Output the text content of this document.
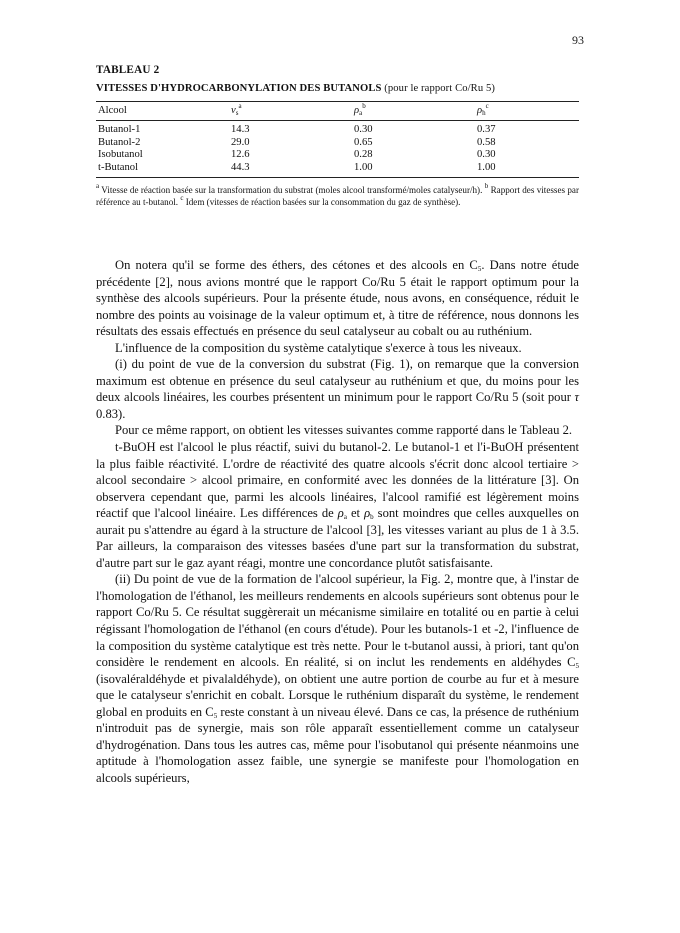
93
TABLEAU 2
VITESSES D'HYDROCARBONYLATION DES BUTANOLS (pour le rapport Co/Ru 5)
Alcool	$v_s^a$	$\rho_a^b$	$\rho_h^c$
Butanol-1	14.3	0.30	0.37
Butanol-2	29.0	0.65	0.58
Isobutanol	12.6	0.28	0.30
t-Butanol	44.3	1.00	1.00
$^a$ Vitesse de réaction basée sur la transformation du substrat (moles alcool transformé/moles catalyseur/h). $^b$ Rapport des vitesses par référence au t-butanol. $^c$ Idem (vitesses de réaction basées sur la consommation du gaz de synthèse).

On notera qu'il se forme des éthers, des cétones et des alcools en $C_5$. Dans notre étude précédente [2], nous avions montré que le rapport Co/Ru 5 était le rapport optimum pour la synthèse des alcools supérieurs. Pour la présente étude, nous avons, en conséquence, réduit le nombre des points au voisinage de la valeur optimum et, à titre de référence, nous donnons les résultats des essais effectués en présence du seul catalyseur au cobalt ou au ruthénium.

L'influence de la composition du système catalytique s'exerce à tous les niveaux.

(i) du point de vue de la conversion du substrat (Fig. 1), on remarque que la conversion maximum est obtenue en présence du seul catalyseur au ruthénium et que, du moins pour les deux alcools linéaires, les courbes présentent un minimum pour le rapport Co/Ru 5 (soit pour τ 0.83).

Pour ce même rapport, on obtient les vitesses suivantes comme rapporté dans le Tableau 2.

t-BuOH est l'alcool le plus réactif, suivi du butanol-2. Le butanol-1 et l'i-BuOH présentent la plus faible réactivité. L'ordre de réactivité des quatre alcools s'écrit donc alcool tertiaire > alcool secondaire > alcool primaire, en conformité avec les données de la littérature [3]. On observera cependant que, parmi les alcools linéaires, l'alcool ramifié est légèrement moins réactif que l'alcool linéaire. Les différences de $\rho_a$ et $\rho_b$ sont moindres que celles auxquelles on aurait pu s'attendre au égard à la structure de l'alcool [3], les vitesses variant au plus de 1 à 3.5. Par ailleurs, la comparaison des vitesses basées d'une part sur la transformation du substrat, d'autre part sur le gaz ayant réagi, montre une concordance plutôt satisfaisante.

(ii) Du point de vue de la formation de l'alcool supérieur, la Fig. 2, montre que, à l'instar de l'homologation de l'éthanol, les meilleurs rendements en alcools supérieurs sont obtenus pour le rapport Co/Ru 5. Ce résultat suggèrerait un mécanisme similaire en totalité ou en partie à celui régissant l'homologation de l'éthanol (en cours d'étude). Pour les butanols-1 et -2, l'influence de la composition du système catalytique est très nette. Pour le t-butanol aussi, à priori, tant qu'on considère le rendement en alcools. En réalité, si on inclut les rendements en aldéhydes $C_5$ (isovaléraldéhyde et pivalaldéhyde), on obtient une autre portion de courbe au fur et à mesure que le catalyseur s'enrichit en cobalt. Lorsque le ruthénium disparaît du système, le rendement global en produits en $C_5$ reste constant à un niveau élevé. Dans ce cas, la présence de ruthénium n'introduit pas de synergie, mais son rôle apparaît essentiellement comme un catalyseur d'hydrogénation. Dans tous les autres cas, même pour l'isobutanol qui présente néanmoins une aptitude à l'homologation assez faible, une synergie se manifeste pour l'homologation en alcools supérieurs,
